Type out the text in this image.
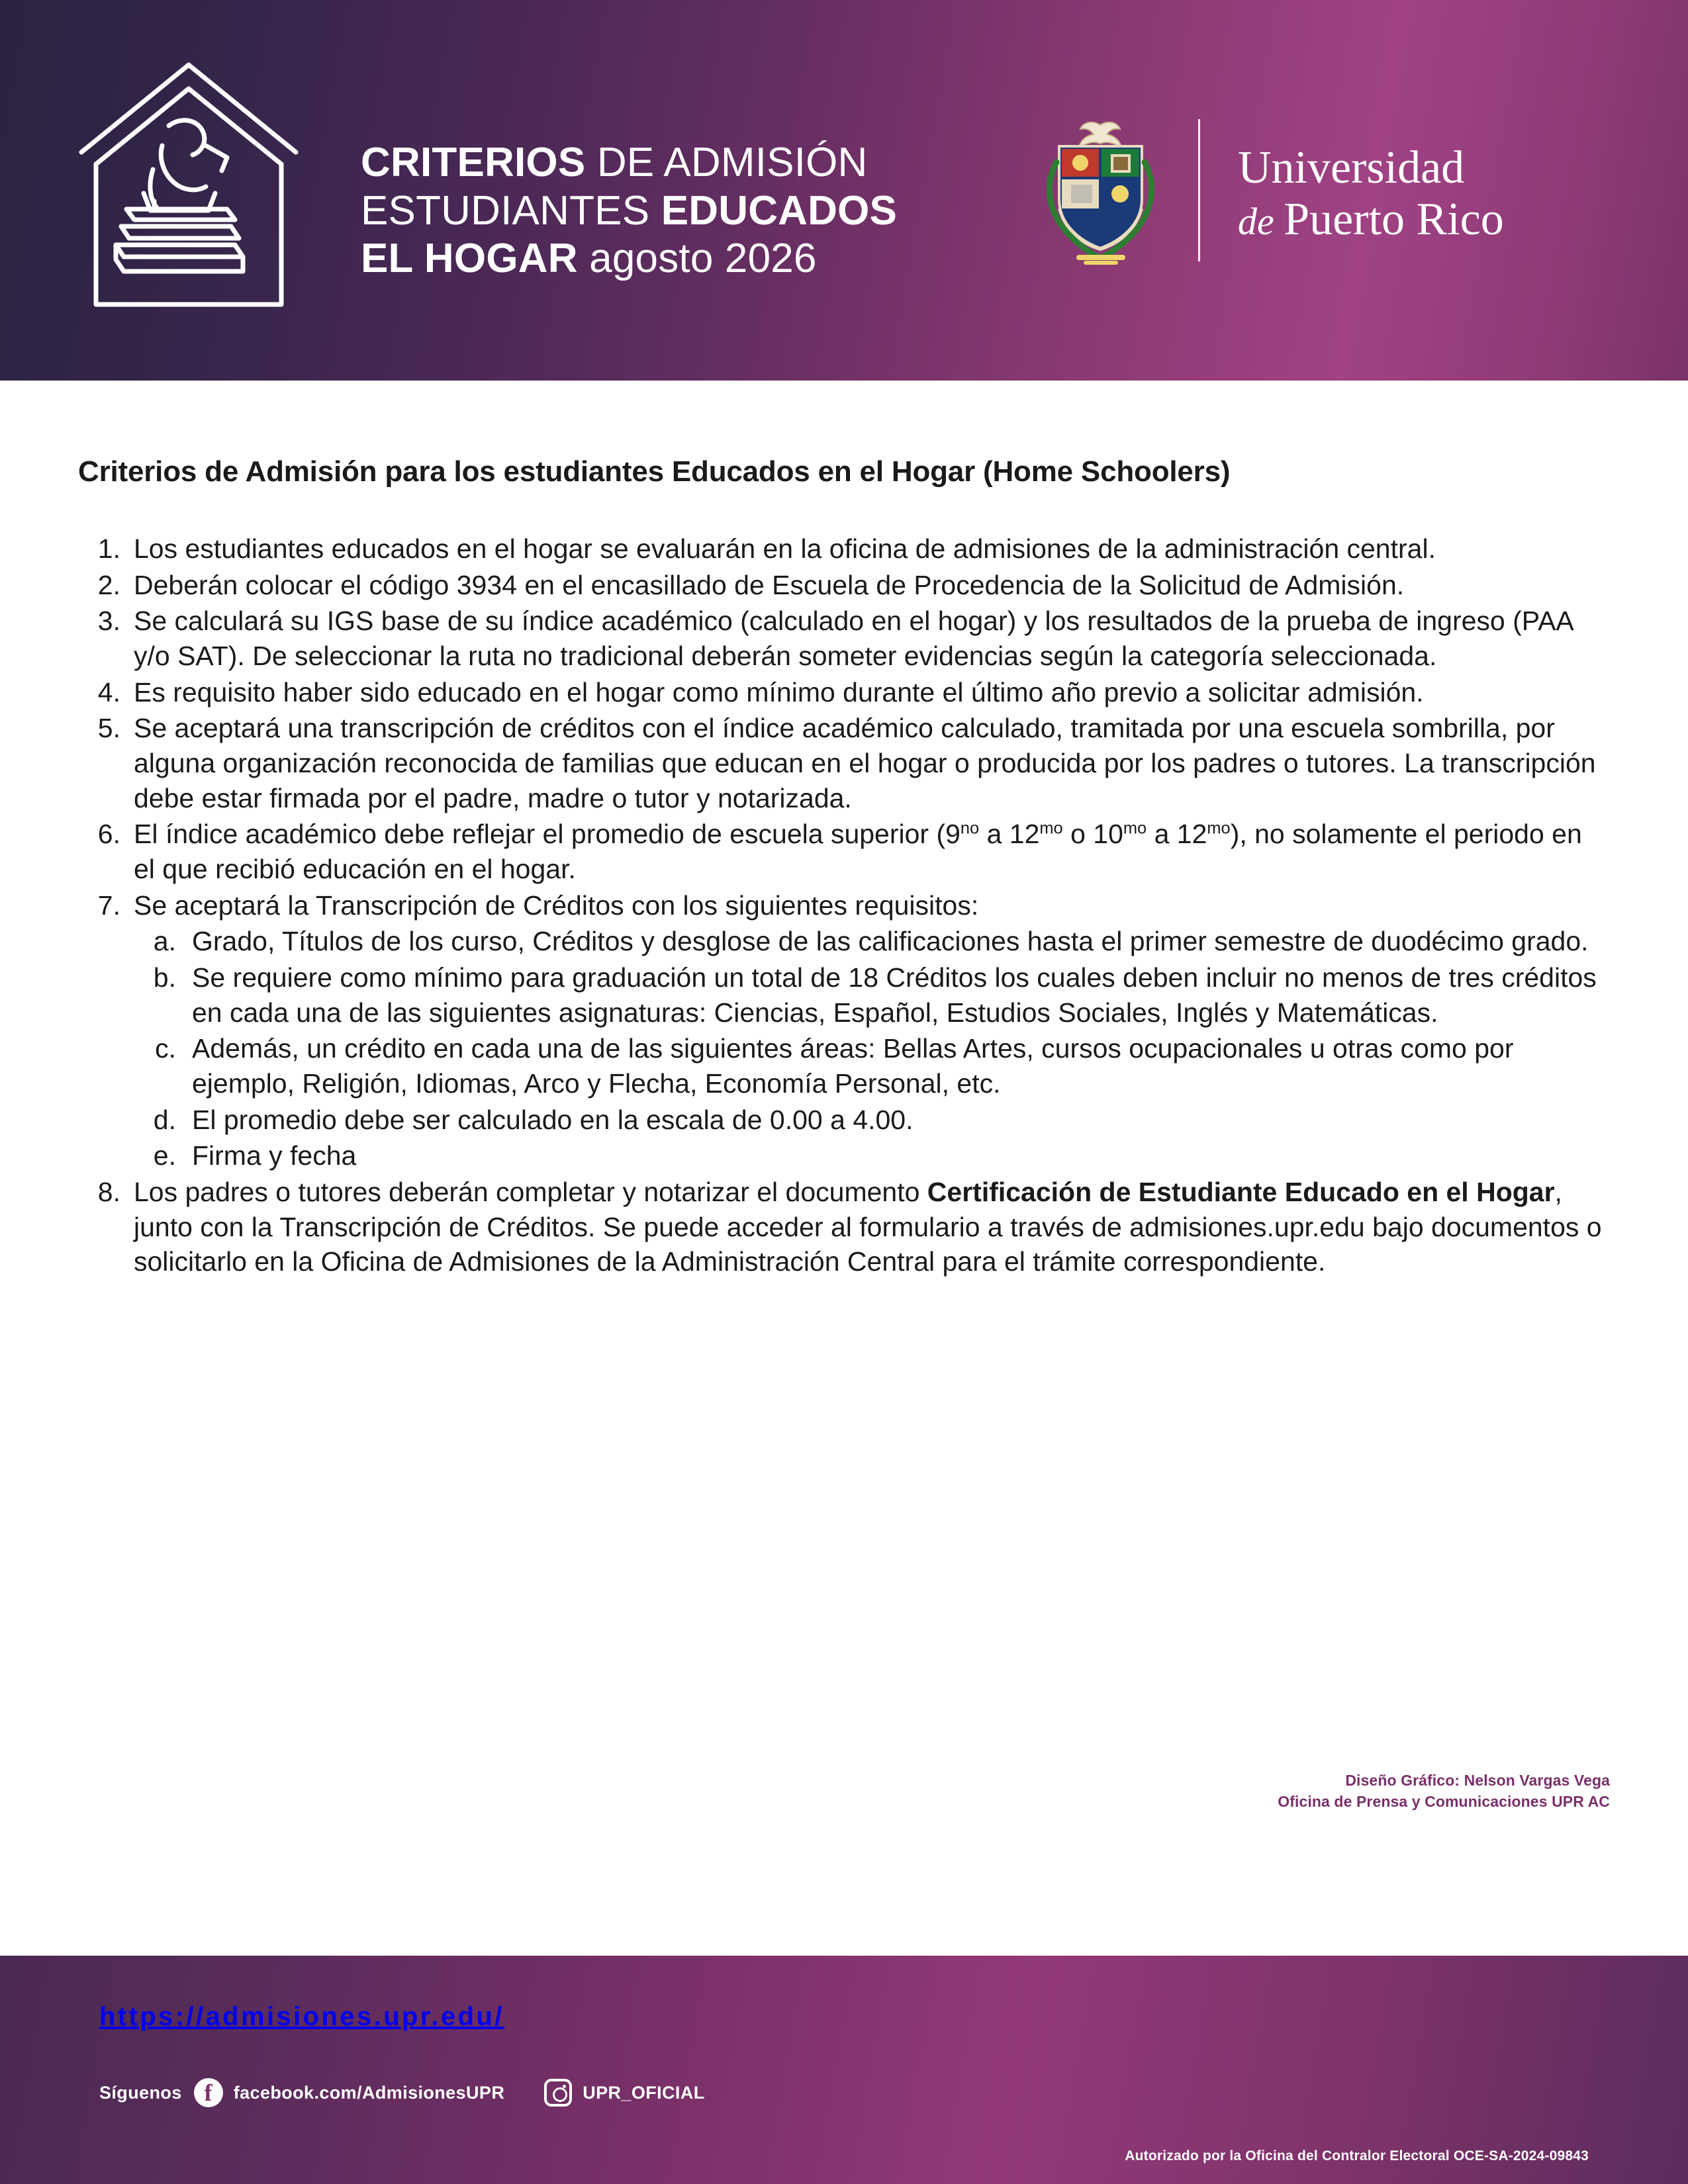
CRITERIOS DE ADMISIÓN
ESTUDIANTES EDUCADOS
EL HOGAR agosto 2026
Universidad
de Puerto Rico
Criterios de Admisión para los estudiantes Educados en el Hogar (Home Schoolers)
1. Los estudiantes educados en el hogar se evaluarán en la oficina de admisiones de la administración central.
2. Deberán colocar el código 3934 en el encasillado de Escuela de Procedencia de la Solicitud de Admisión.
3. Se calculará su IGS base de su índice académico (calculado en el hogar) y los resultados de la prueba de ingreso (PAA y/o SAT). De seleccionar la ruta no tradicional deberán someter evidencias según la categoría seleccionada.
4. Es requisito haber sido educado en el hogar como mínimo durante el último año previo a solicitar admisión.
5. Se aceptará una transcripción de créditos con el índice académico calculado, tramitada por una escuela sombrilla, por alguna organización reconocida de familias que educan en el hogar o producida por los padres o tutores. La transcripción debe estar firmada por el padre, madre o tutor y notarizada.
6. El índice académico debe reflejar el promedio de escuela superior ($9^{no}$ a $12^{mo}$ o $10^{mo}$ a $12^{mo}$), no solamente el periodo en el que recibió educación en el hogar.
7. Se aceptará la Transcripción de Créditos con los siguientes requisitos:
a. Grado, Títulos de los curso, Créditos y desglose de las calificaciones hasta el primer semestre de duodécimo grado.
b. Se requiere como mínimo para graduación un total de 18 Créditos los cuales deben incluir no menos de tres créditos en cada una de las siguientes asignaturas: Ciencias, Español, Estudios Sociales, Inglés y Matemáticas.
c. Además, un crédito en cada una de las siguientes áreas: Bellas Artes, cursos ocupacionales u otras como por ejemplo, Religión, Idiomas, Arco y Flecha, Economía Personal, etc.
d. El promedio debe ser calculado en la escala de 0.00 a 4.00.
e. Firma y fecha
8. Los padres o tutores deberán completar y notarizar el documento Certificación de Estudiante Educado en el Hogar, junto con la Transcripción de Créditos. Se puede acceder al formulario a través de admisiones.upr.edu bajo documentos o solicitarlo en la Oficina de Admisiones de la Administración Central para el trámite correspondiente.
Diseño Gráfico: Nelson Vargas Vega
Oficina de Prensa y Comunicaciones UPR AC
https://admisiones.upr.edu/
Síguenos f	facebook.com/AdmisionesUPR	UPR_OFICIAL
Autorizado por la Oficina del Contralor Electoral OCE-SA-2024-09843
